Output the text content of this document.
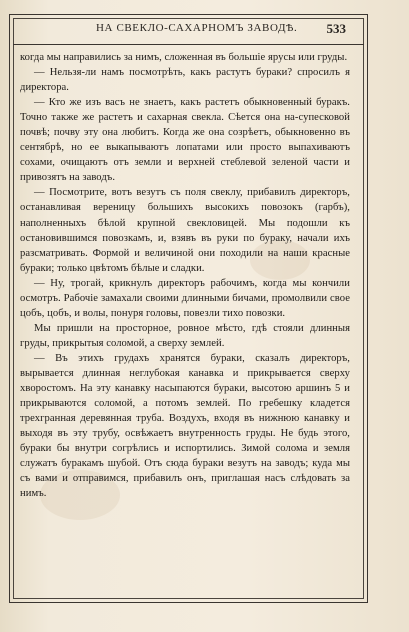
НА СВЕКЛО-САХАРНОМЪ ЗАВОДѢ. 533

когда мы направились за нимъ, сложенная въ большіе ярусы или груды.

— Нельзя-ли намъ посмотрѣть, какъ растутъ бураки? спросилъ я директора.

— Кто же изъ васъ не знаетъ, какъ растетъ обыкновенный буракъ. Точно также же растетъ и сахарная свекла. Сѣется она на-супесковой почвѣ; почву эту она любитъ. Когда же она созрѣетъ, обыкновенно въ сентябрѣ, но ее выкапываютъ лопатами или просто выпахиваютъ сохами, очищаютъ отъ земли и верхней стеблевой зеленой части и привозятъ на заводъ.

— Посмотрите, вотъ везутъ съ поля свеклу, прибавилъ директоръ, останавливая вереницу большихъ высокихъ повозокъ (гарбъ), наполненныхъ бѣлой крупной свекловицей. Мы подошли къ остановившимся повозкамъ, и, взявъ въ руки по бураку, начали ихъ разсматривать. Формой и величиной они походили на наши красные бураки; только цвѣтомъ бѣлые и сладки.

— Ну, трогай, крикнулъ директоръ рабочимъ, когда мы кончили осмотръ. Рабочіе замахали своими длинными бичами, промолвили свое цобъ, цобъ, и волы, понуря головы, повезли тихо повозки.

Мы пришли на просторное, ровное мѣсто, гдѣ стояли длинныя груды, прикрытыя соломой, а сверху землей.

— Въ этихъ грудахъ хранятся бураки, сказалъ директоръ, вырывается длинная неглубокая канавка и прикрывается сверху хворостомъ. На эту канавку насыпаются бураки, высотою аршинъ 5 и прикрываются соломой, а потомъ землей. По гребешку кладется трехгранная деревянная труба. Воздухъ, входя въ нижнюю канавку и выходя въ эту трубу, освѣжаетъ внутренность груды. Не будь этого, бураки бы внутри согрѣлись и испортились. Зимой солома и земля служатъ буракамъ шубой. Отъ сюда бураки везутъ на заводъ; куда мы съ вами и отправимся, прибавилъ онъ, приглашая насъ слѣдовать за нимъ.
